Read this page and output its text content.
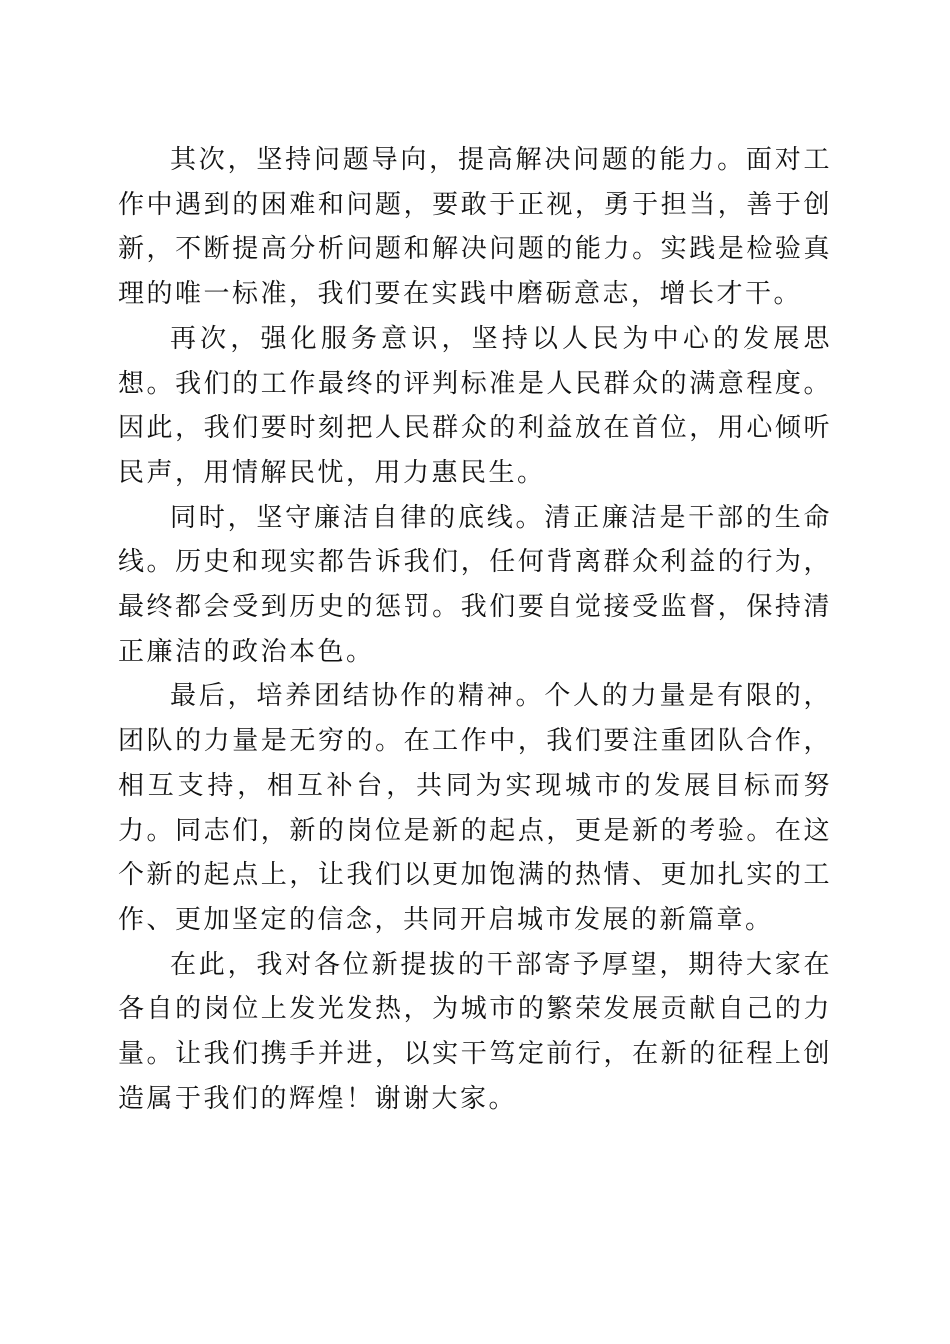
其次，坚持问题导向，提高解决问题的能力。面对工作中遇到的困难和问题，要敢于正视，勇于担当，善于创新，不断提高分析问题和解决问题的能力。实践是检验真理的唯一标准，我们要在实践中磨砺意志，增长才干。

再次，强化服务意识，坚持以人民为中心的发展思想。我们的工作最终的评判标准是人民群众的满意程度。因此，我们要时刻把人民群众的利益放在首位，用心倾听民声，用情解民忧，用力惠民生。

同时，坚守廉洁自律的底线。清正廉洁是干部的生命线。历史和现实都告诉我们，任何背离群众利益的行为，最终都会受到历史的惩罚。我们要自觉接受监督，保持清正廉洁的政治本色。

最后，培养团结协作的精神。个人的力量是有限的，团队的力量是无穷的。在工作中，我们要注重团队合作，相互支持，相互补台，共同为实现城市的发展目标而努力。同志们，新的岗位是新的起点，更是新的考验。在这个新的起点上，让我们以更加饱满的热情、更加扎实的工作、更加坚定的信念，共同开启城市发展的新篇章。

在此，我对各位新提拔的干部寄予厚望，期待大家在各自的岗位上发光发热，为城市的繁荣发展贡献自己的力量。让我们携手并进，以实干笃定前行，在新的征程上创造属于我们的辉煌！谢谢大家。
